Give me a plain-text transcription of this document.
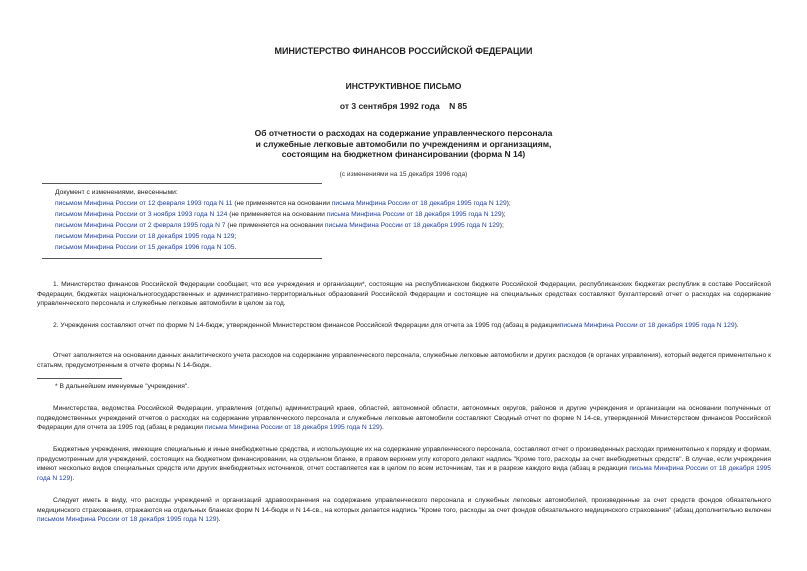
МИНИСТЕРСТВО ФИНАНСОВ РОССИЙСКОЙ ФЕДЕРАЦИИ
ИНСТРУКТИВНОЕ ПИСЬМО
от 3 сентября 1992 года    N 85
Об отчетности о расходах на содержание управленческого персонала
и служебные легковые автомобили по учреждениям и организациям,
состоящим на бюджетном финансировании (форма N 14)
(с изменениями на 15 декабря 1996 года)
Документ с изменениями, внесенными:
письмом Минфина России от 12 февраля 1993 года N 11 (не применяется на основании письма Минфина России от 18 декабря 1995 года N 129);
письмом Минфина России от 3 ноября 1993 года N 124 (не применяется на основании письма Минфина России от 18 декабря 1995 года N 129);
письмом Минфина России от 2 февраля 1995 года N 7 (не применяется на основании письма Минфина России от 18 декабря 1995 года N 129);
письмом Минфина России от 18 декабря 1995 года N 129;
письмом Минфина России от 15 декабря 1996 года N 105.
1. Министерство финансов Российской Федерации сообщает, что все учреждения и организации*, состоящие на республиканском бюджете Российской Федерации, республиканских бюджетах республик в составе Российской Федерации, бюджетах национальногосударственных и административно-территориальных образований Российской Федерации и состоящие на специальных средствах составляют бухгалтерский отчет о расходах на содержание управленческого персонала и служебные легковые автомобили в целом за год.
2. Учреждения составляют отчет по форме N 14-бюдж, утвержденной Министерством финансов Российской Федерации для отчета за 1995 год (абзац в редакцииписьма Минфина России от 18 декабря 1995 года N 129).
Отчет заполняется на основании данных аналитического учета расходов на содержание управленческого персонала, служебные легковые автомобили и других расходов (в органах управления), который ведется применительно к статьям, предусмотренным в отчете формы N 14-бюдж.
* В дальнейшем именуемые "учреждения".
Министерства, ведомства Российской Федерации, управления (отделы) администраций краев, областей, автономной области, автономных округов, районов и другие учреждения и организации на основании полученных от подведомственных учреждений отчетов о расходах на содержание управленческого персонала и служебные легковые автомобили составляют Сводный отчет по форме N 14-св, утвержденной Министерством финансов Российской Федерации для отчета за 1995 год (абзац в редакции письма Минфина России от 18 декабря 1995 года N 129).
Бюджетные учреждения, имеющие специальные и иные внебюджетные средства, и использующие их на содержание управленческого персонала, составляют отчет о произведенных расходах применительно к порядку и формам, предусмотренным для учреждений, состоящих на бюджетном финансировании, на отдельном бланке, в правом верхнем углу которого делают надпись "Кроме того, расходы за счет внебюджетных средств". В случае, если учреждения имеют несколько видов специальных средств или других внебюджетных источников, отчет составляется как в целом по всем источникам, так и в разрезе каждого вида (абзац в редакции письма Минфина России от 18 декабря 1995 года N 129).
Следует иметь в виду, что расходы учреждений и организаций здравоохранения на содержание управленческого персонала и служебных легковых автомобилей, произведенные за счет средств фондов обязательного медицинского страхования, отражаются на отдельных бланках форм N 14-бюдж и N 14-св., на которых делается надпись "Кроме того, расходы за счет фондов обязательного медицинского страхования" (абзац дополнительно включен письмом Минфина России от 18 декабря 1995 года N 129).
